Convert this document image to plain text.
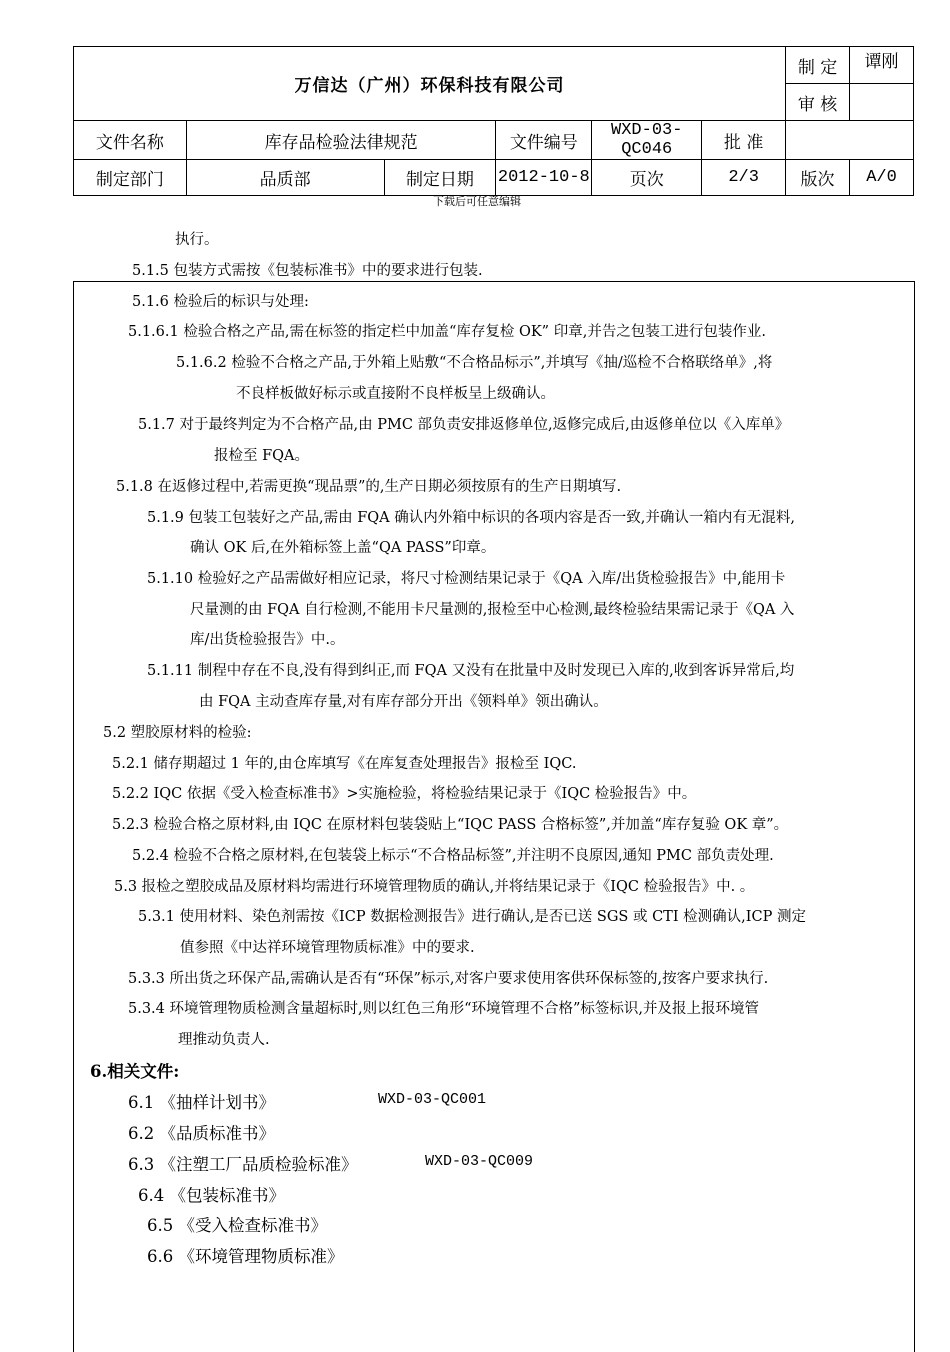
万信达（广州）环保科技有限公司						制 定	谭刚
						审 核	
文件名称	库存品检验法律规范		文件编号	WXD-03-QC046	批 准		
制定部门	品质部	制定日期	2012-10-8	页次	2/3	版次	A/0
下载后可任意编辑
执行。
5.1.5 包装方式需按《包装标准书》中的要求进行包装.
5.1.6 检验后的标识与处理:
5.1.6.1 检验合格之产品,需在标签的指定栏中加盖“库存复检 OK” 印章,并告之包装工进行包装作业.
5.1.6.2 检验不合格之产品,于外箱上贴敷“不合格品标示”,并填写《抽/巡检不合格联络单》,将
不良样板做好标示或直接附不良样板呈上级确认。
5.1.7 对于最终判定为不合格产品,由 PMC 部负责安排返修单位,返修完成后,由返修单位以《入库单》
报检至 FQA。
5.1.8 在返修过程中,若需更换“现品票”的,生产日期必须按原有的生产日期填写.
5.1.9 包装工包装好之产品,需由 FQA 确认内外箱中标识的各项内容是否一致,并确认一箱内有无混料,
确认 OK 后,在外箱标签上盖“QA PASS”印章。
5.1.10 检验好之产品需做好相应记录，将尺寸检测结果记录于《QA 入库/出货检验报告》中,能用卡
尺量测的由 FQA 自行检测,不能用卡尺量测的,报检至中心检测,最终检验结果需记录于《QA 入
库/出货检验报告》中.。
5.1.11 制程中存在不良,没有得到纠正,而 FQA 又没有在批量中及时发现已入库的,收到客诉异常后,均
由 FQA 主动查库存量,对有库存部分开出《领料单》领出确认。
5.2 塑胶原材料的检验:
5.2.1 储存期超过 1 年的,由仓库填写《在库复查处理报告》报检至 IQC.
5.2.2 IQC 依据《受入检查标准书》>实施检验，将检验结果记录于《IQC 检验报告》中。
5.2.3 检验合格之原材料,由 IQC 在原材料包装袋贴上“IQC PASS 合格标签”,并加盖“库存复验 OK 章”。
5.2.4 检验不合格之原材料,在包装袋上标示“不合格品标签”,并注明不良原因,通知 PMC 部负责处理.
5.3 报检之塑胶成品及原材料均需进行环境管理物质的确认,并将结果记录于《IQC 检验报告》中. 。
5.3.1 使用材料、染色剂需按《ICP 数据检测报告》进行确认,是否已送 SGS 或 CTI 检测确认,ICP 测定
值参照《中达祥环境管理物质标准》中的要求.
5.3.3 所出货之环保产品,需确认是否有“环保”标示,对客户要求使用客供环保标签的,按客户要求执行.
5.3.4 环境管理物质检测含量超标时,则以红色三角形“环境管理不合格”标签标识,并及报上报环境管
理推动负责人.
6.相关文件:
6.1 《抽样计划书》	WXD-03-QC001
6.2 《品质标准书》
6.3 《注塑工厂品质检验标准》	WXD-03-QC009
6.4 《包装标准书》
6.5 《受入检查标准书》
6.6 《环境管理物质标准》
